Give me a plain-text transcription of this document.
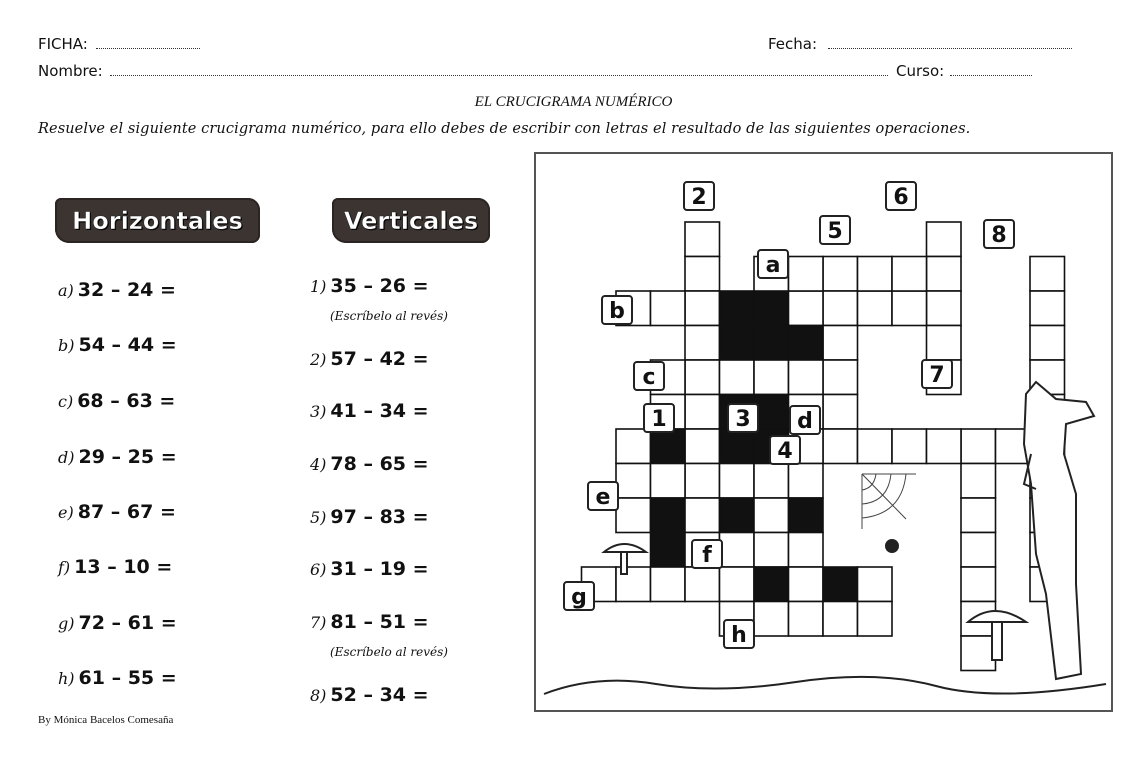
FICHA:	Fecha:
Nombre:	Curso:
EL CRUCIGRAMA NUMÉRICO
Resuelve el siguiente crucigrama numérico, para ello debes de escribir con letras el resultado de las siguientes operaciones.
Horizontales	Verticales
a) 32 – 24 =
b) 54 – 44 =
c) 68 – 63 =
d) 29 – 25 =
e) 87 – 67 =
f) 13 – 10 =
g) 72 – 61 =
h) 61 – 55 =
1) 35 – 26 =
(Escríbelo al revés)
2) 57 – 42 =
3) 41 – 34 =
4) 78 – 65 =
5) 97 – 83 =
6) 31 – 19 =
7) 81 – 51 =
(Escríbelo al revés)
8) 52 – 34 =
2
5
6
8
a
b
c
1
7
3 d
4
e
f
g
h
By Mónica Bacelos Comesaña
